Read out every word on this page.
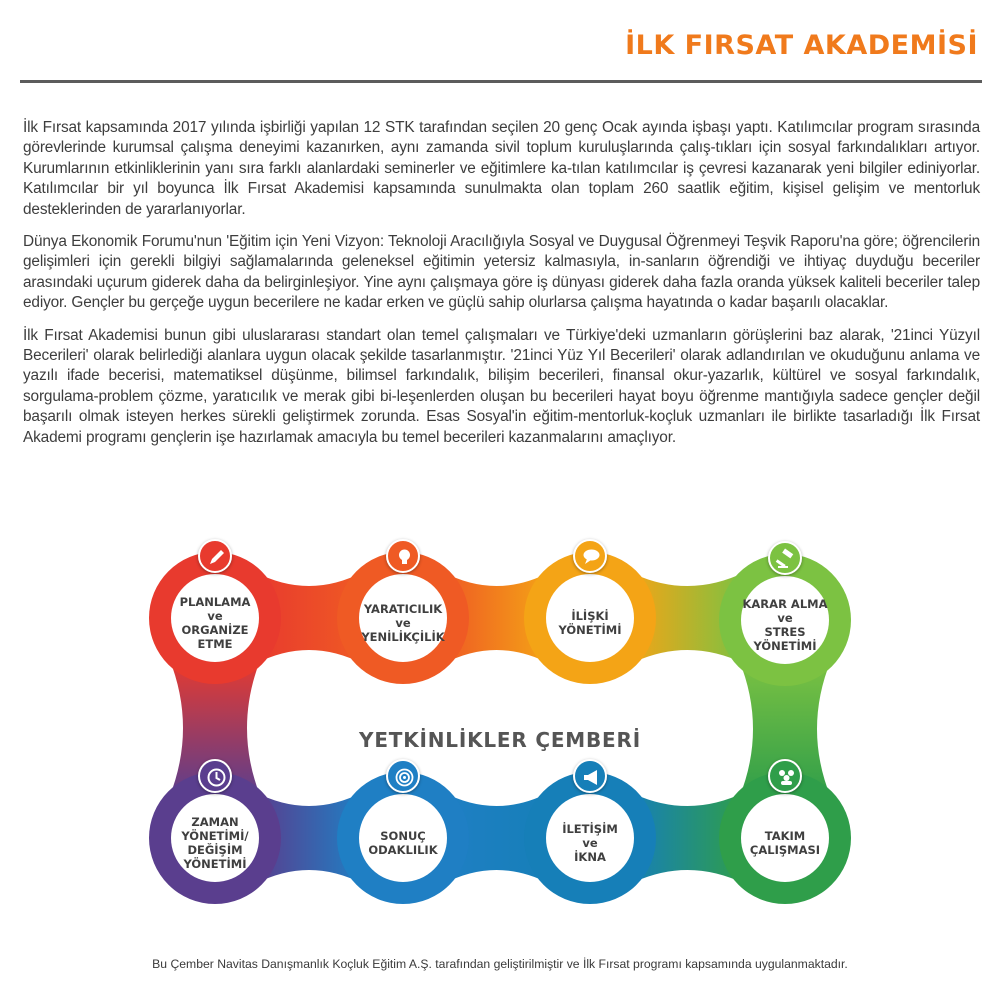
İLK FIRSAT AKADEMİSİ

İlk Fırsat kapsamında 2017 yılında işbirliği yapılan 12 STK tarafından seçilen 20 genç Ocak ayında işbaşı yaptı. Katılımcılar program sırasında görevlerinde kurumsal çalışma deneyimi kazanırken, aynı zamanda sivil toplum kuruluşlarında çalış-tıkları için sosyal farkındalıkları artıyor. Kurumlarının etkinliklerinin yanı sıra farklı alanlardaki seminerler ve eğitimlere ka-tılan katılımcılar iş çevresi kazanarak yeni bilgiler ediniyorlar. Katılımcılar bir yıl boyunca İlk Fırsat Akademisi kapsamında sunulmakta olan toplam 260 saatlik eğitim, kişisel gelişim ve mentorluk desteklerinden de yararlanıyorlar.

Dünya Ekonomik Forumu'nun 'Eğitim için Yeni Vizyon: Teknoloji Aracılığıyla Sosyal ve Duygusal Öğrenmeyi Teşvik Raporu'na göre; öğrencilerin gelişimleri için gerekli bilgiyi sağlamalarında geleneksel eğitimin yetersiz kalmasıyla, in-sanların öğrendiği ve ihtiyaç duyduğu beceriler arasındaki uçurum giderek daha da belirginleşiyor. Yine aynı çalışmaya göre iş dünyası giderek daha fazla oranda yüksek kaliteli beceriler talep ediyor. Gençler bu gerçeğe uygun becerilere ne kadar erken ve güçlü sahip olurlarsa çalışma hayatında o kadar başarılı olacaklar.

İlk Fırsat Akademisi bunun gibi uluslararası standart olan temel çalışmaları ve Türkiye'deki uzmanların görüşlerini baz alarak, '21inci Yüzyıl Becerileri' olarak belirlediği alanlara uygun olacak şekilde tasarlanmıştır. '21inci Yüz Yıl Becerileri' olarak adlandırılan ve okuduğunu anlama ve yazılı ifade becerisi, matematiksel düşünme, bilimsel farkındalık, bilişim becerileri, finansal okur-yazarlık, kültürel ve sosyal farkındalık, sorgulama-problem çözme, yaratıcılık ve merak gibi bi-leşenlerden oluşan bu becerileri hayat boyu öğrenme mantığıyla sadece gençler değil başarılı olmak isteyen herkes sürekli geliştirmek zorunda. Esas Sosyal'in eğitim-mentorluk-koçluk uzmanları ile birlikte tasarladığı İlk Fırsat Akademi programı gençlerin işe hazırlamak amacıyla bu temel becerileri kazanmalarını amaçlıyor.

YETKİNLİKLER ÇEMBERİ
PLANLAMA
ve
ORGANİZE
ETME
YARATICILIK
ve
YENİLİKÇİLİK
İLİŞKİ
YÖNETİMİ
KARAR ALMA
ve
STRES
YÖNETİMİ
ZAMAN
YÖNETİMİ/
DEĞİŞİM
YÖNETİMİ
SONUÇ
ODAKLILIK
İLETİŞİM
ve
İKNA
TAKIM
ÇALIŞMASI
Bu Çember Navitas Danışmanlık Koçluk Eğitim A.Ş. tarafından geliştirilmiştir ve İlk Fırsat programı kapsamında uygulanmaktadır.
